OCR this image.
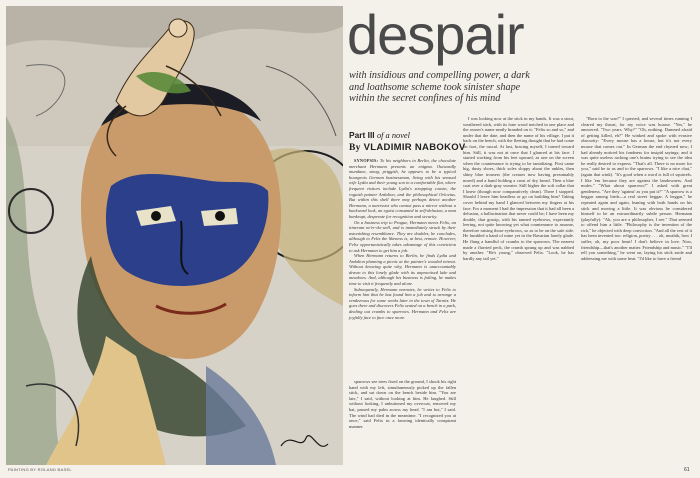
PAINTING BY ROLAND BASEL
despair
with insidious and compelling power, a dark and loathsome scheme took sinister shape within the secret confines of his mind
Part III of a novel
By VLADIMIR NABOKOV

SYNOPSIS: To his neighbors in Berlin, the chocolate merchant Hermann presents an enigma. Outwardly mundane, smug, priggish, he appears to be a typical bourgeois German businessman, living with his sensual wife Lydia and their young son in a comfortable flat, where frequent visitors include Lydia's strapping cousin, the roguish painter Ardalion, and the philosophical Orlovius. But within this shell there may perhaps detect another Hermann, a narcissist who cannot pass a mirror without a backward look, an egoist consumed in self-delusion, a man bankrupt, desperate for recognition and security.

On a business trip to Prague, Hermann meets Felix, an itinerant ne'er-do-well, and is immediately struck by their astonishing resemblance. They are doubles, he concludes, although to Felix the likeness is, at best, remote. However, Felix opportunistically takes advantage of this conviction to ask Hermann to get him a job.

When Hermann returns to Berlin, he finds Lydia and Ardalion planning a picnic at the painter's wooded retreat. Without knowing quite why, Hermann is unaccountably drawn to this lonely glade with its unpractised lake and meadows. And, although his business is failing, he makes time to visit it frequently and alone.

Subsequently, Hermann narrates, he writes to Felix to inform him that he has found him a job and to arrange a rendezvous for some weeks later in the town of Tarnitz. He goes there and discovers Felix seated on a bench in a park, dealing out crumbs to sparrows. Hermann and Felix are joyfully face to face once more.

sparrows see trees fixed on the ground, I shook his right hand with my left, simultaneously picked up the fallen stick, and sat down on the bench beside him. "You are late," I said, without looking at him. He laughed. Still without looking, I unbuttoned my overcoat, removed my hat, passed my palm across my head. "I am hot," I said. The wind had died in the meantime. "I recognized you at once," said Felix in a fawning identically conspirant manner.

I was looking now at the stick in my hands. It was a stout, weathered stick, with its lone wood notched in one place and the owner's name neatly branded on it: "Felix so and so," and under that the date, and then the name of his village. I put it back on the bench, with the fleeting thought that he had come on foot, the rascal. At last, bracing myself, I turned toward him. Still, it was not at once that I glanced at his face. I started working from his feet upward, as one on the screen when the countenance is trying to be tantalizing. First came big, dusty shoes, thick soles sloppy about the ankles, then shiny blue trousers (the creases now having presumably nosed) and a hand holding a crust of dry bread. Then a blue coat over a dark-gray sweater. Still higher the soft collar that I knew (though now comparatively clean). There I stopped. Should I leave him headless or go on building him? Taking cover behind my hand I glanced between my fingers at his face. For a moment I had the impression that it had all been a delusion, a hallucination that never could be; I have been my double, that gossip, with his tanned eyebrows, expectantly leering, not quite knowing yet what countenance to assume, therefore raising those eyebrows, so as to be on the safe side. He fumbled a hand of mine yet in the Bavarian lonely glade. He flung a handful of crumbs to the sparrows. The nearest made a flurried peck, the crumb sprang up and was nabbed by another. "He's young," observed Felix. "Look, he has hardly any tail yet."

"Born to the war?" I queried; and several times running I cleared my throat, for my voice was hoarse. "Yes," he answered. "Two years. Why?" "Oh, nothing. Damned afraid of getting killed, eh?" He winked and spoke with evasive obscurity: "Every mouse has a house, but it's not every mouse that comes out." In German the end rhymed now; I had already noticed his fondness for insipid sayings; and it was quite useless racking one's brains trying to see the idea he really desired to express. "That's all. There is no more for you," said he to us and to the sparrows. "I like a nice chat," (again that wink). "It's good when a word is full of squirrels. I like 'em because they are against the landowners. And mules." "What about sparrows?" I asked with great gentleness. "Are they 'against' as you put it?" "A sparrow is a beggar among birds—a real street beggar. A beggar," he repeated again and again, leaning with both hands on his stick and moving a little. It was obvious he considered himself to be an extraordinarily subtle person. Hermann (playfully): "Ah, you are a philosopher, I see." That seemed to offend him a little. "Philosophy is the invention of the rich," he objected with deep conviction. "And all the rest of it has been invented too: religion, poetry . . . oh, muzhik, how I suffer, oh, my poor heart! I don't believe in love. Now, friendship—that's another matter. Friendship and music." "I'll tell you something," he went on, laying his stick aside and addressing me with some heat. "I'd like to have a friend

61
